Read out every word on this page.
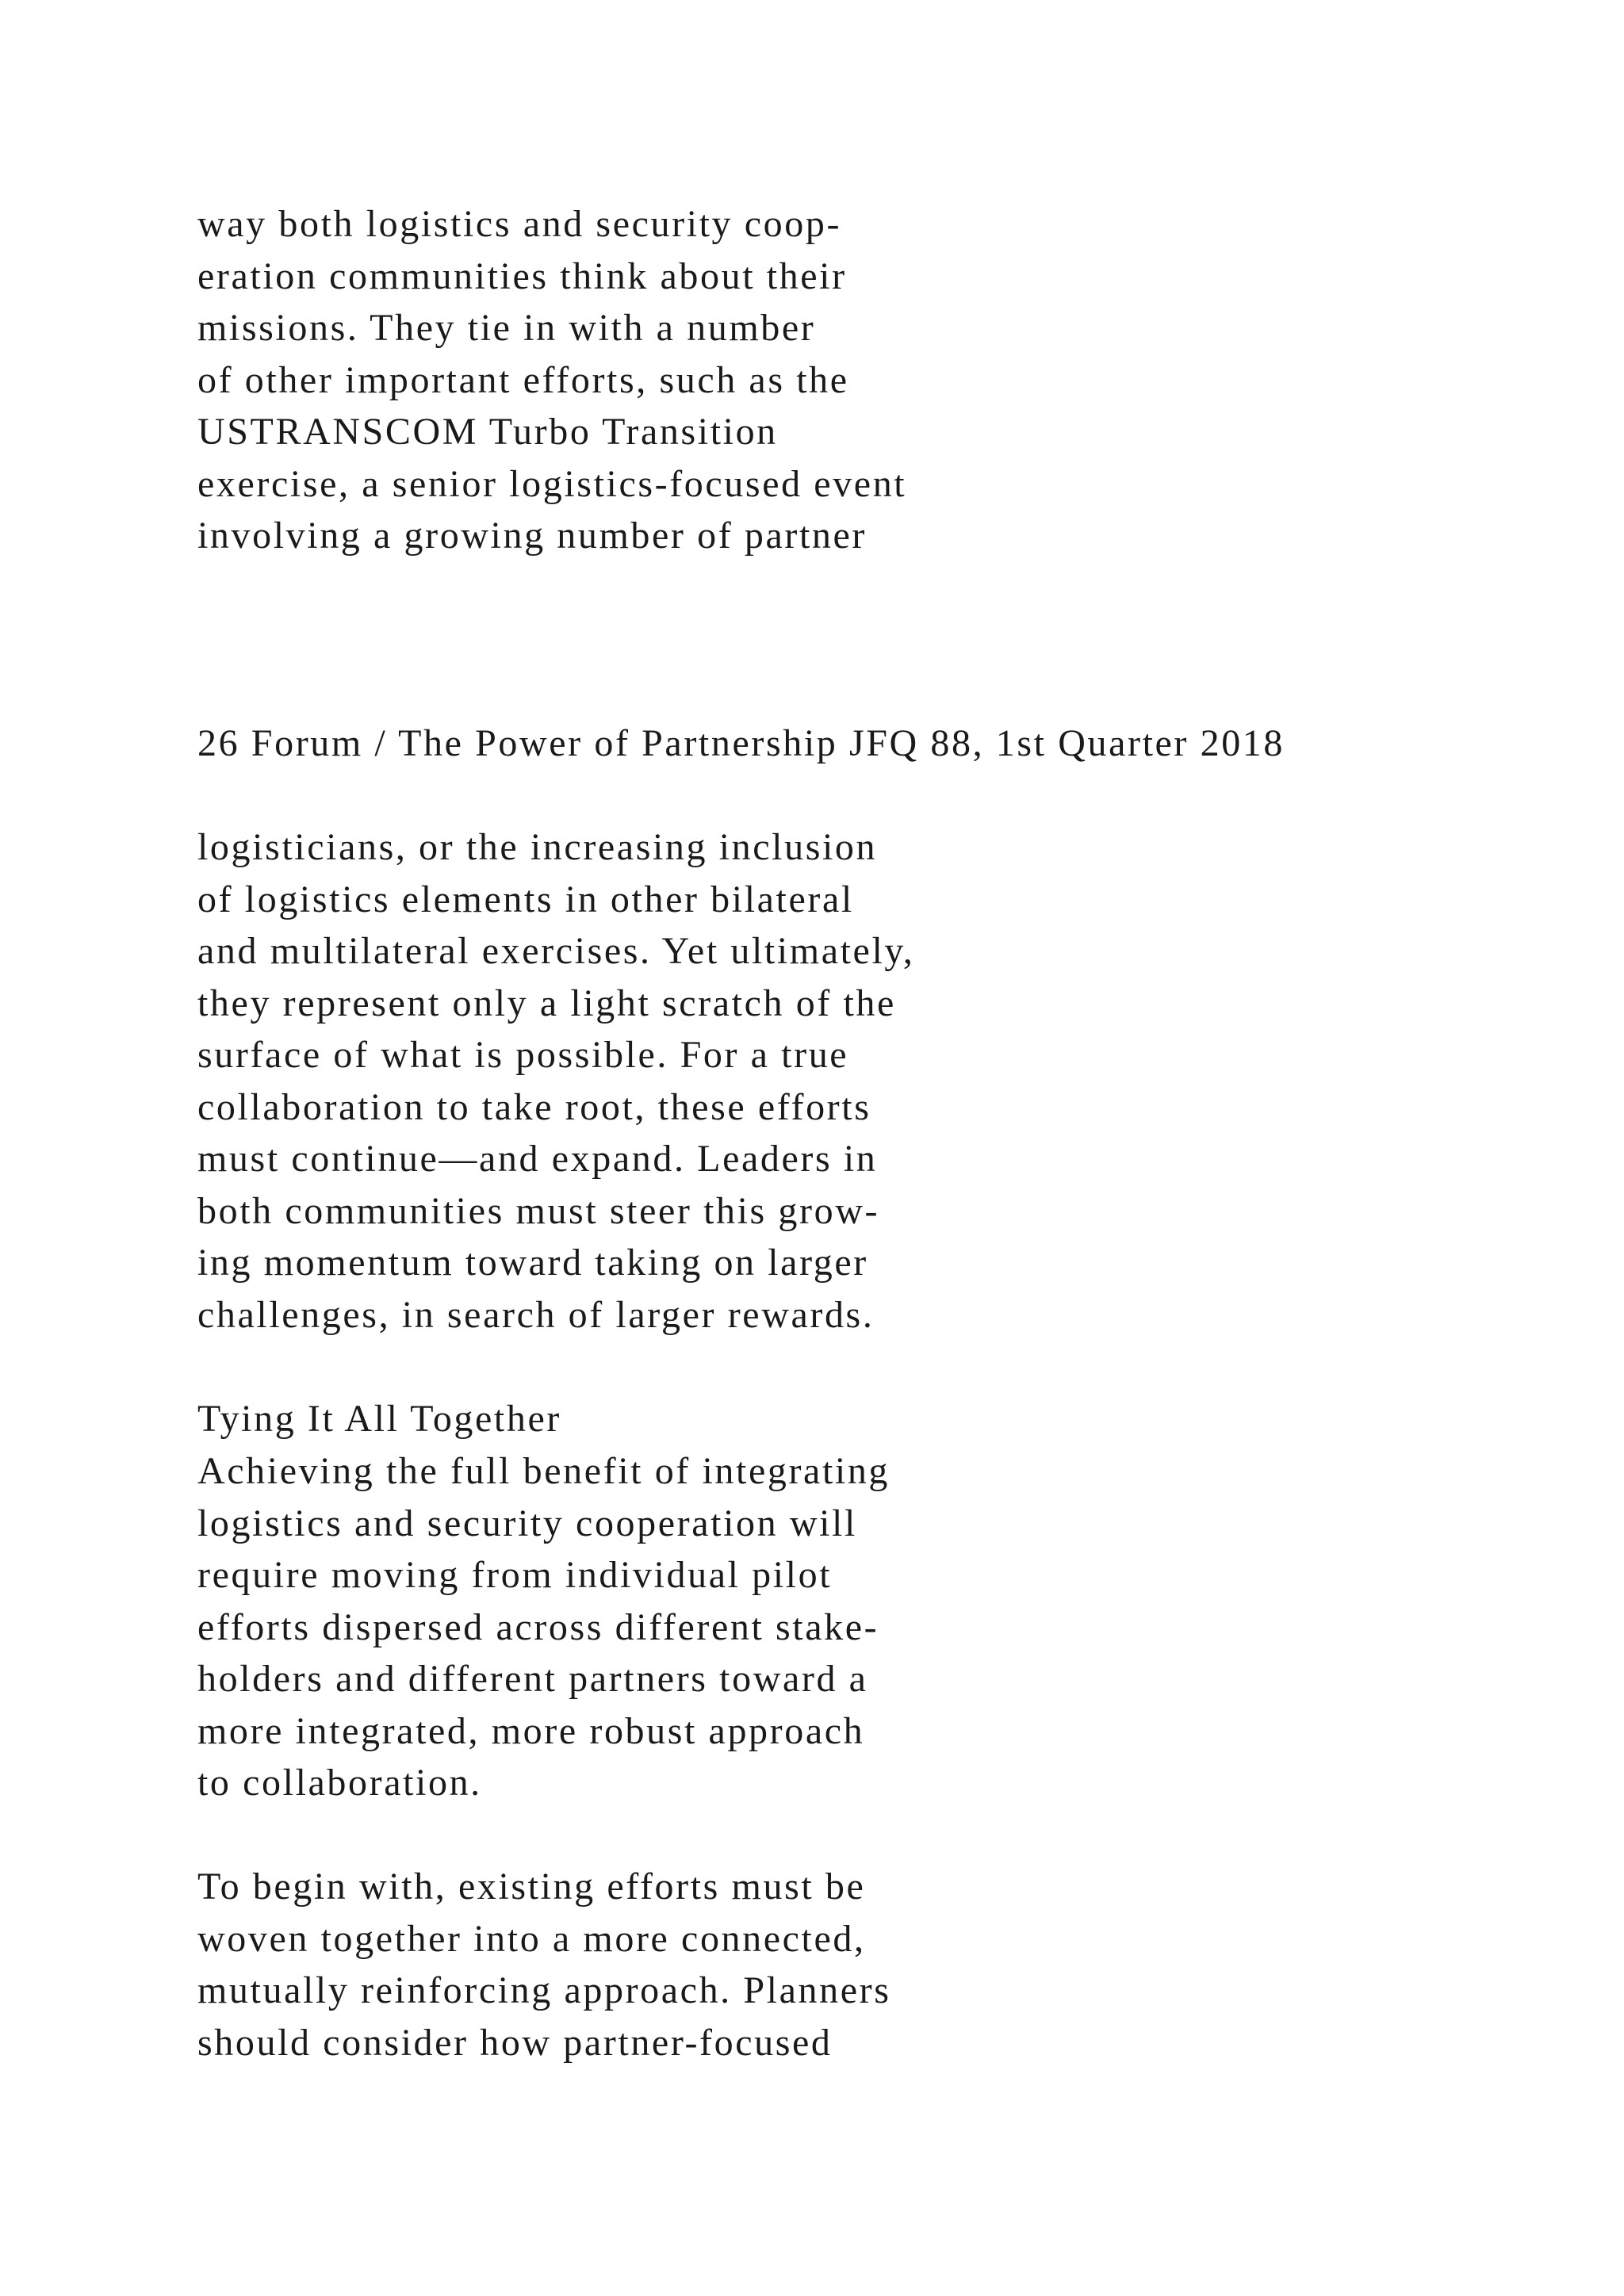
way both logistics and security coop-
eration communities think about their
missions. They tie in with a number
of other important efforts, such as the
USTRANSCOM Turbo Transition
exercise, a senior logistics-focused event
involving a growing number of partner
26 Forum / The Power of Partnership JFQ 88, 1st Quarter 2018
logisticians, or the increasing inclusion
of logistics elements in other bilateral
and multilateral exercises. Yet ultimately,
they represent only a light scratch of the
surface of what is possible. For a true
collaboration to take root, these efforts
must continue—and expand. Leaders in
both communities must steer this grow-
ing momentum toward taking on larger
challenges, in search of larger rewards.
Tying It All Together
Achieving the full benefit of integrating
logistics and security cooperation will
require moving from individual pilot
efforts dispersed across different stake-
holders and different partners toward a
more integrated, more robust approach
to collaboration.
To begin with, existing efforts must be
woven together into a more connected,
mutually reinforcing approach. Planners
should consider how partner-focused
